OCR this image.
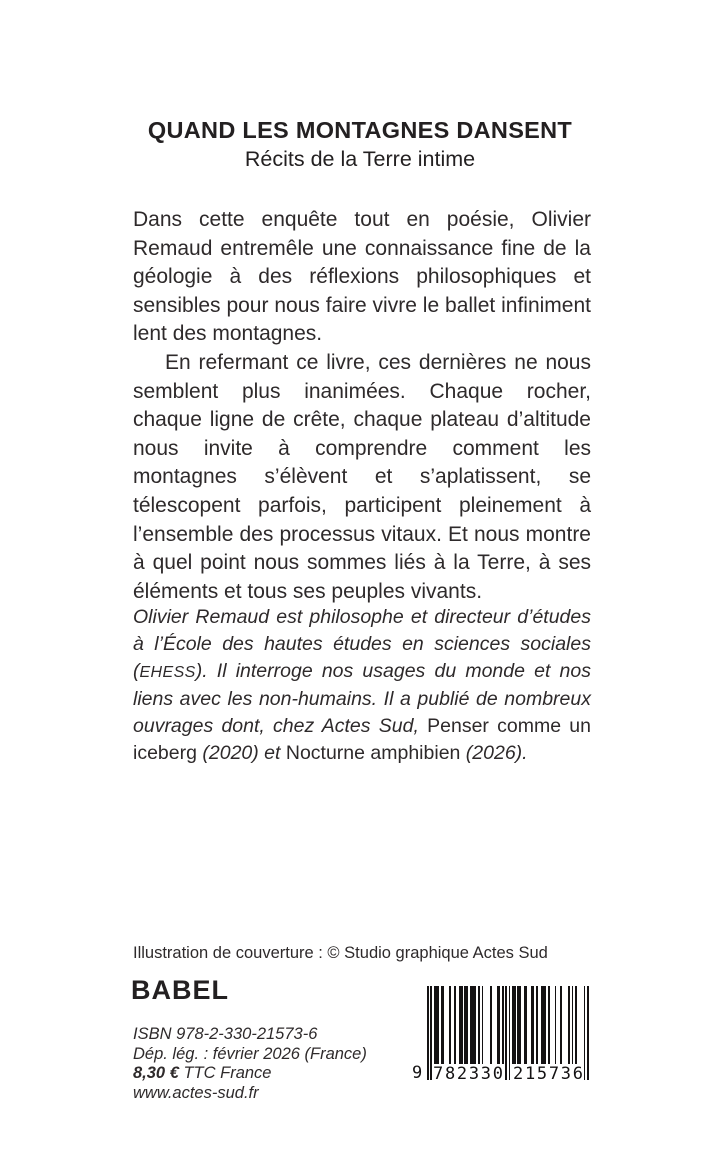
QUAND LES MONTAGNES DANSENT
Récits de la Terre intime

Dans cette enquête tout en poésie, Olivier Remaud entremêle une connaissance fine de la géologie à des réflexions philosophiques et sensibles pour nous faire vivre le ballet infiniment lent des montagnes.

En refermant ce livre, ces dernières ne nous semblent plus inanimées. Chaque rocher, chaque ligne de crête, chaque plateau d’altitude nous invite à comprendre comment les montagnes s’élèvent et s’aplatissent, se télescopent parfois, participent pleinement à l’ensemble des processus vitaux. Et nous montre à quel point nous sommes liés à la Terre, à ses éléments et tous ses peuples vivants.

Olivier Remaud est philosophe et directeur d’études à l’École des hautes études en sciences sociales (EHESS). Il interroge nos usages du monde et nos liens avec les non-humains. Il a publié de nombreux ouvrages dont, chez Actes Sud, Penser comme un iceberg (2020) et Nocturne amphibien (2026).
Illustration de couverture : © Studio graphique Actes Sud
BABEL
ISBN 978-2-330-21573-6
Dép. lég. : février 2026 (France)
8,30 € TTC France
www.actes-sud.fr
9 7 8 2 3 3 0 2 1 5 7 3 6
